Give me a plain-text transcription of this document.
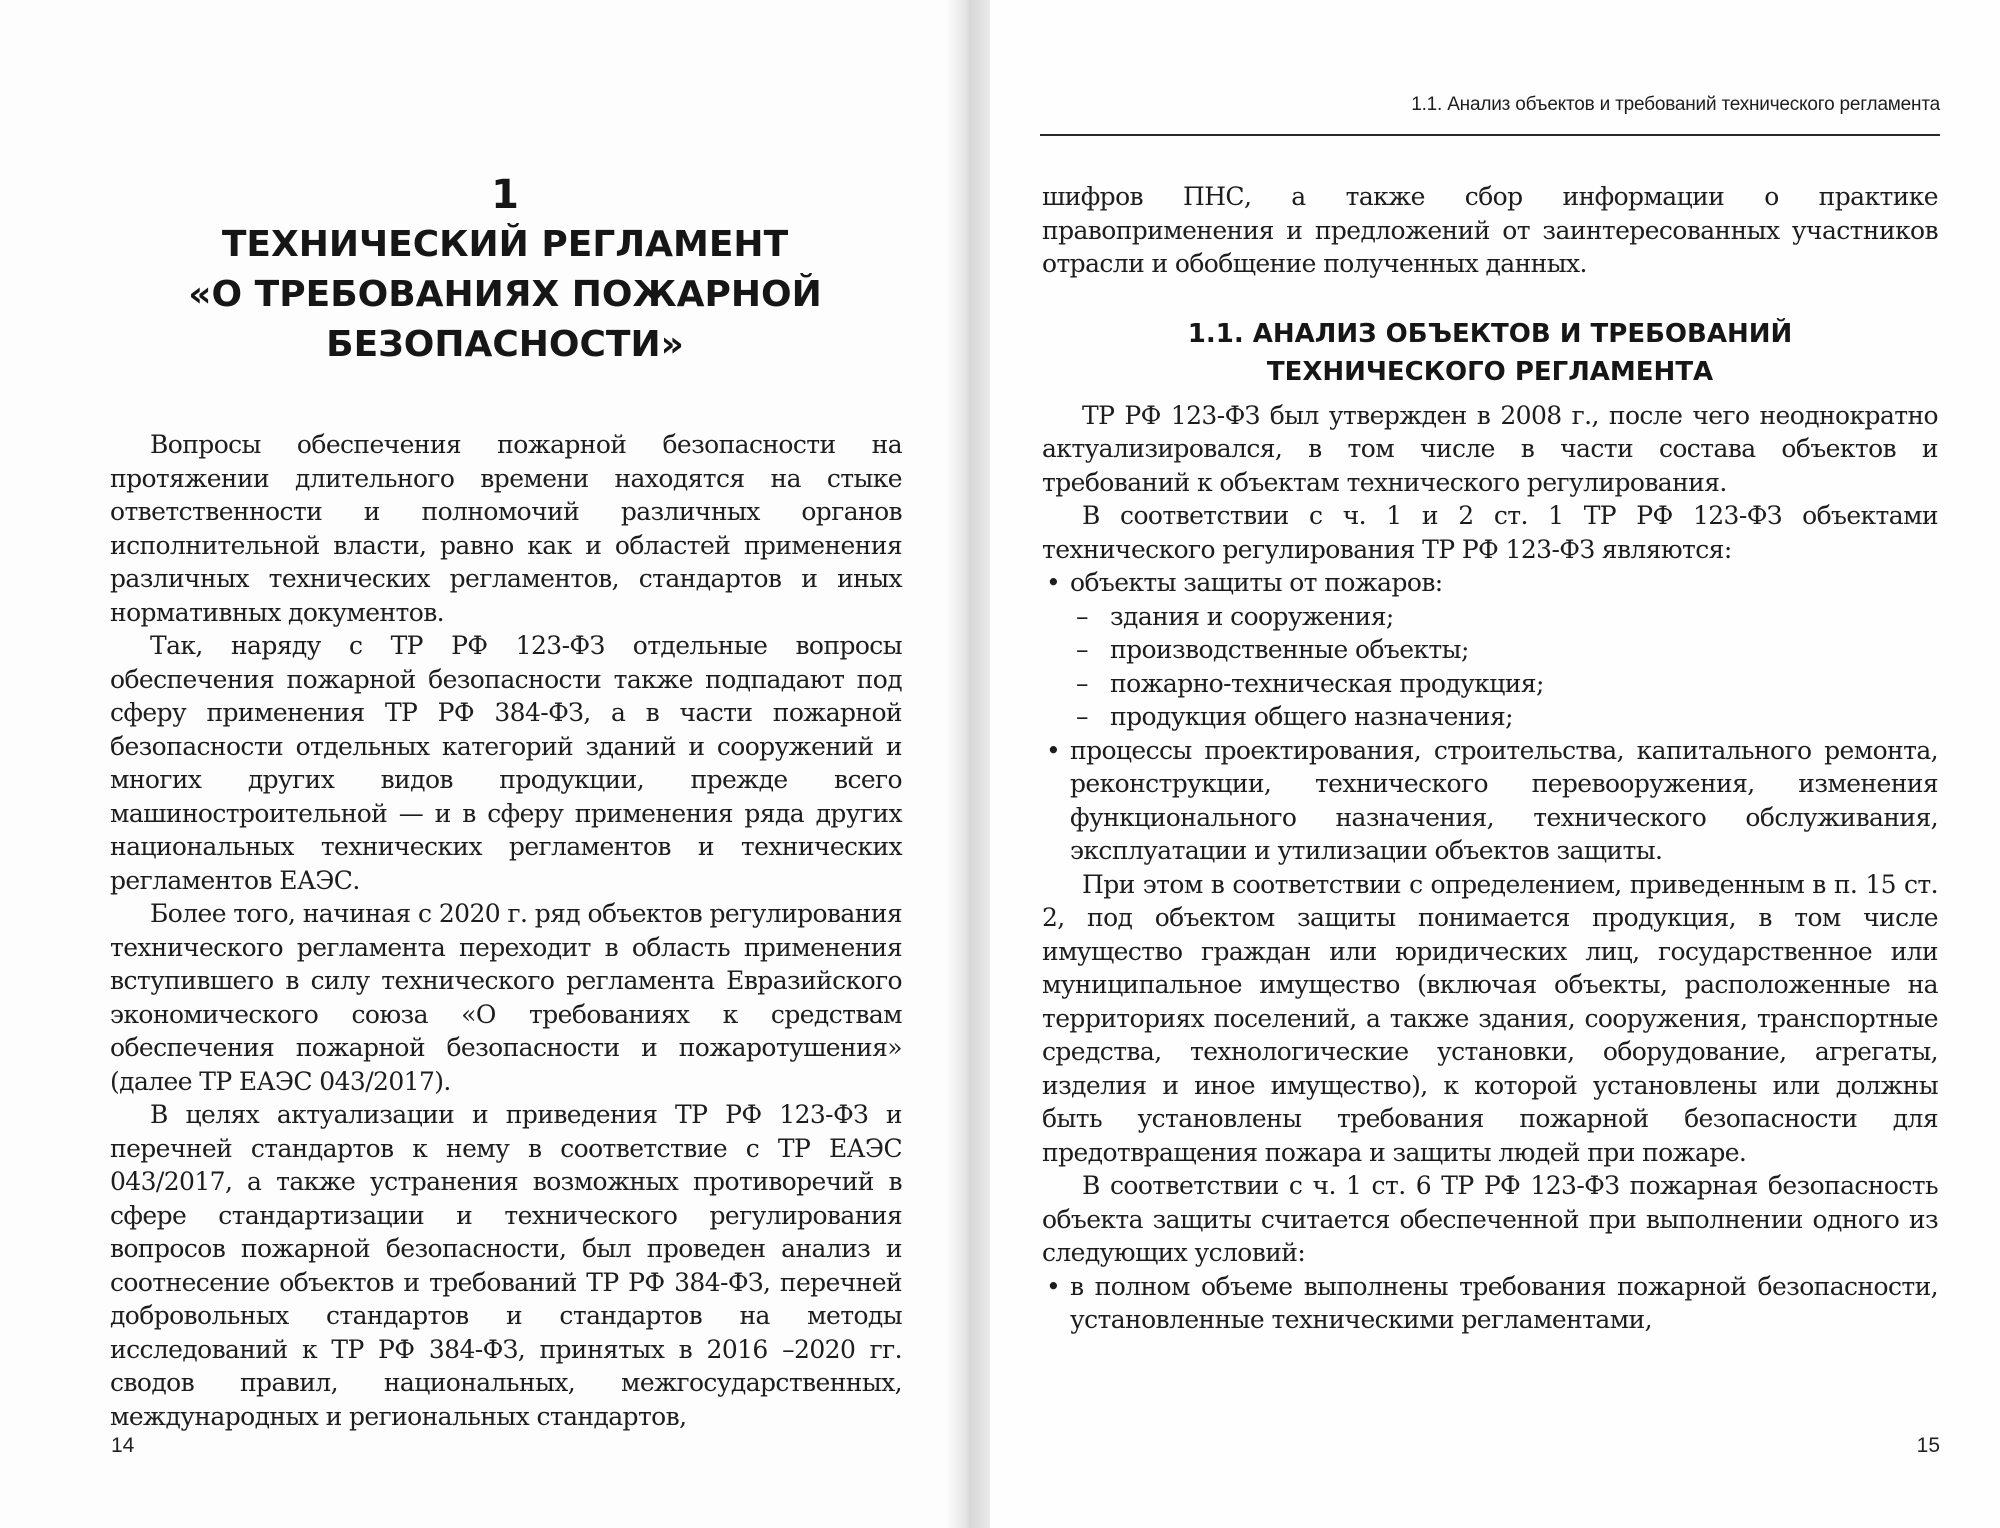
1
ТЕХНИЧЕСКИЙ РЕГЛАМЕНТ
«О ТРЕБОВАНИЯХ ПОЖАРНОЙ
БЕЗОПАСНОСТИ»

Вопросы обеспечения пожарной безопасности на протяжении длительного времени находятся на стыке ответственности и полномочий различных органов исполнительной власти, равно как и областей применения различных технических регламентов, стандартов и иных нормативных документов.

Так, наряду с ТР РФ 123-ФЗ отдельные вопросы обеспечения пожарной безопасности также подпадают под сферу применения ТР РФ 384-ФЗ, а в части пожарной безопасности отдельных категорий зданий и сооружений и многих других видов продукции, прежде всего машиностроительной — и в сферу применения ряда других национальных технических регламентов и технических регламентов ЕАЭС.

Более того, начиная с 2020 г. ряд объектов регулирования технического регламента переходит в область применения вступившего в силу технического регламента Евразийского экономического союза «О требованиях к средствам обеспечения пожарной безопасности и пожаротушения» (далее ТР ЕАЭС 043/2017).

В целях актуализации и приведения ТР РФ 123-ФЗ и перечней стандартов к нему в соответствие с ТР ЕАЭС 043/2017, а также устранения возможных противоречий в сфере стандартизации и технического регулирования вопросов пожарной безопасности, был проведен анализ и соотнесение объектов и требований ТР РФ 384-ФЗ, перечней добровольных стандартов и стандартов на методы исследований к ТР РФ 384-ФЗ, принятых в 2016 –2020 гг. сводов правил, национальных, межгосударственных, международных и региональных стандартов,

14
1.1. Анализ объектов и требований технического регламента

шифров ПНС, а также сбор информации о практике правоприменения и предложений от заинтересованных участников отрасли и обобщение полученных данных.

1.1. АНАЛИЗ ОБЪЕКТОВ И ТРЕБОВАНИЙ
ТЕХНИЧЕСКОГО РЕГЛАМЕНТА

ТР РФ 123-ФЗ был утвержден в 2008 г., после чего неоднократно актуализировался, в том числе в части состава объектов и требований к объектам технического регулирования.

В соответствии с ч. 1 и 2 ст. 1 ТР РФ 123-ФЗ объектами технического регулирования ТР РФ 123-ФЗ являются:

• объекты защиты от пожаров:
– здания и сооружения;
– производственные объекты;
– пожарно-техническая продукция;
– продукция общего назначения;
• процессы проектирования, строительства, капитального ремонта, реконструкции, технического перевооружения, изменения функционального назначения, технического обслуживания, эксплуатации и утилизации объектов защиты.

При этом в соответствии с определением, приведенным в п. 15 ст. 2, под объектом защиты понимается продукция, в том числе имущество граждан или юридических лиц, государственное или муниципальное имущество (включая объекты, расположенные на территориях поселений, а также здания, сооружения, транспортные средства, технологические установки, оборудование, агрегаты, изделия и иное имущество), к которой установлены или должны быть установлены требования пожарной безопасности для предотвращения пожара и защиты людей при пожаре.

В соответствии с ч. 1 ст. 6 ТР РФ 123-ФЗ пожарная безопасность объекта защиты считается обеспеченной при выполнении одного из следующих условий:

• в полном объеме выполнены требования пожарной безопасности, установленные техническими регламентами,
15
